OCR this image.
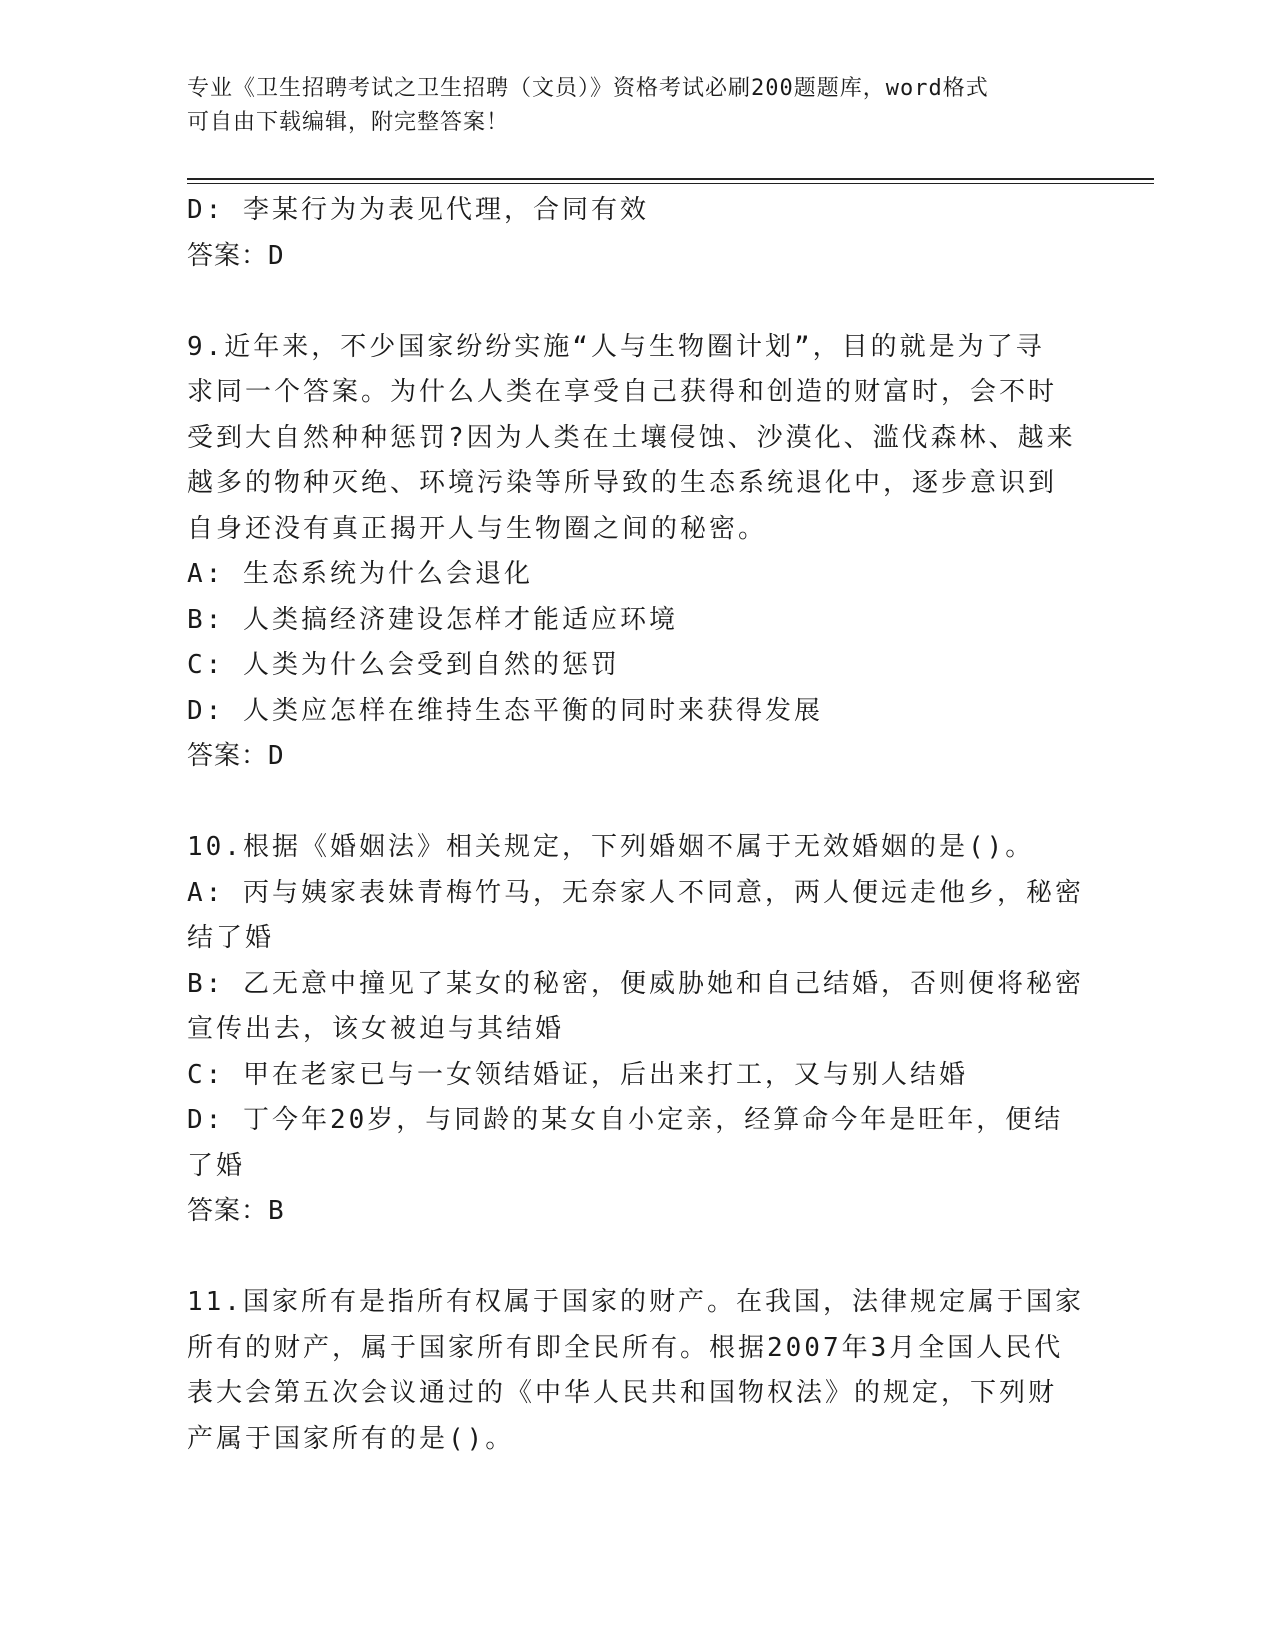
专业《卫生招聘考试之卫生招聘（文员）》资格考试必刷200题题库，word格式
可自由下载编辑，附完整答案！
D: 李某行为为表见代理，合同有效
答案：D
9.近年来，不少国家纷纷实施“人与生物圈计划”，目的就是为了寻
求同一个答案。为什么人类在享受自己获得和创造的财富时，会不时
受到大自然种种惩罚?因为人类在土壤侵蚀、沙漠化、滥伐森林、越来
越多的物种灭绝、环境污染等所导致的生态系统退化中，逐步意识到
自身还没有真正揭开人与生物圈之间的秘密。
A: 生态系统为什么会退化
B: 人类搞经济建设怎样才能适应环境
C: 人类为什么会受到自然的惩罚
D: 人类应怎样在维持生态平衡的同时来获得发展
答案：D
10.根据《婚姻法》相关规定，下列婚姻不属于无效婚姻的是()。
A: 丙与姨家表妹青梅竹马，无奈家人不同意，两人便远走他乡，秘密
结了婚
B: 乙无意中撞见了某女的秘密，便威胁她和自己结婚，否则便将秘密
宣传出去，该女被迫与其结婚
C: 甲在老家已与一女领结婚证，后出来打工，又与别人结婚
D: 丁今年20岁，与同龄的某女自小定亲，经算命今年是旺年，便结
了婚
答案：B
11.国家所有是指所有权属于国家的财产。在我国，法律规定属于国家
所有的财产，属于国家所有即全民所有。根据2007年3月全国人民代
表大会第五次会议通过的《中华人民共和国物权法》的规定，下列财
产属于国家所有的是()。
